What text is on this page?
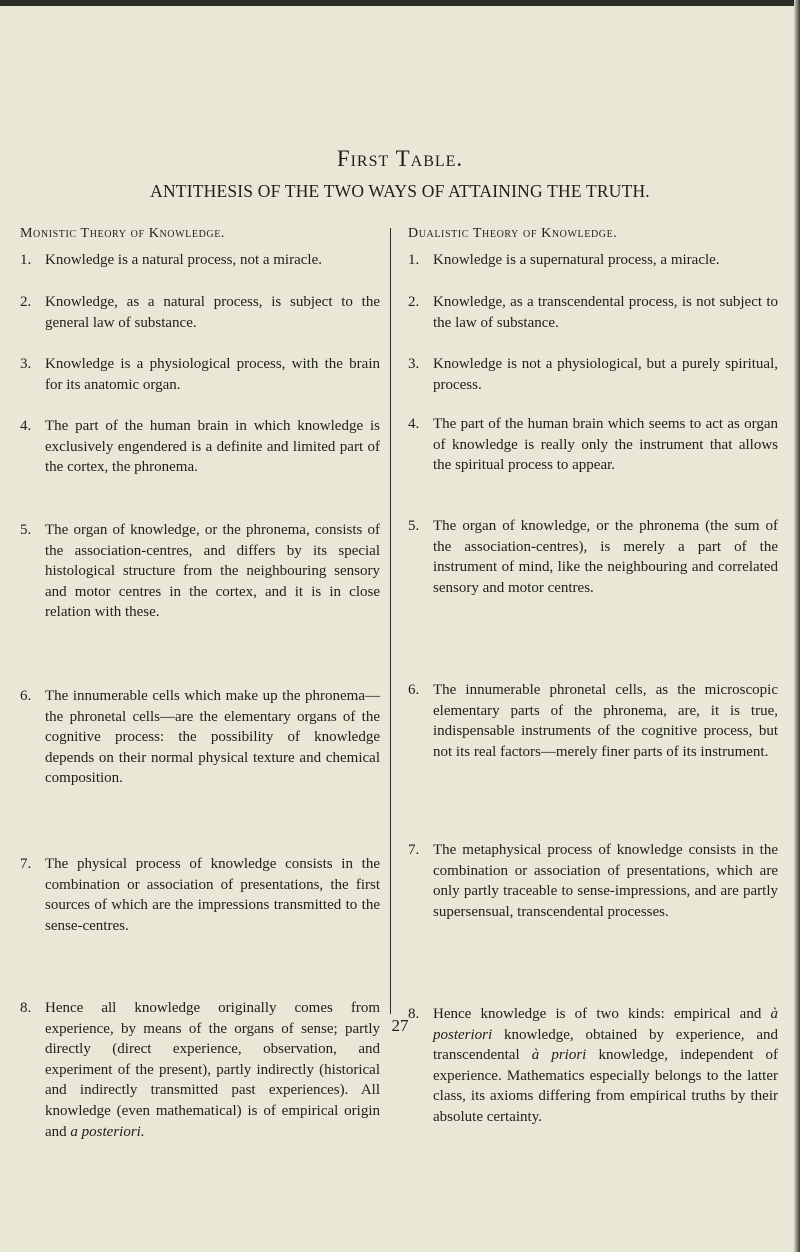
First Table.
ANTITHESIS OF THE TWO WAYS OF ATTAINING THE TRUTH.
Monistic Theory of Knowledge.
1. Knowledge is a natural process, not a miracle.
2. Knowledge, as a natural process, is subject to the general law of substance.
3. Knowledge is a physiological process, with the brain for its anatomic organ.
4. The part of the human brain in which knowledge is exclusively engendered is a definite and limited part of the cortex, the phronema.
5. The organ of knowledge, or the phronema, consists of the association-centres, and differs by its special histological structure from the neighbouring sensory and motor centres in the cortex, and it is in close relation with these.
6. The innumerable cells which make up the phronema—the phronetal cells—are the elementary organs of the cognitive process: the possibility of knowledge depends on their normal physical texture and chemical composition.
7. The physical process of knowledge consists in the combination or association of presentations, the first sources of which are the impressions transmitted to the sense-centres.
8. Hence all knowledge originally comes from experience, by means of the organs of sense; partly directly (direct experience, observation, and experiment of the present), partly indirectly (historical and indirectly transmitted past experiences). All knowledge (even mathematical) is of empirical origin and a posteriori.
Dualistic Theory of Knowledge.
1. Knowledge is a supernatural process, a miracle.
2. Knowledge, as a transcendental process, is not subject to the law of substance.
3. Knowledge is not a physiological, but a purely spiritual, process.
4. The part of the human brain which seems to act as organ of knowledge is really only the instrument that allows the spiritual process to appear.
5. The organ of knowledge, or the phronema (the sum of the association-centres), is merely a part of the instrument of mind, like the neighbouring and correlated sensory and motor centres.
6. The innumerable phronetal cells, as the microscopic elementary parts of the phronema, are, it is true, indispensable instruments of the cognitive process, but not its real factors—merely finer parts of its instrument.
7. The metaphysical process of knowledge consists in the combination or association of presentations, which are only partly traceable to sense-impressions, and are partly supersensual, transcendental processes.
8. Hence knowledge is of two kinds: empirical and à posteriori knowledge, obtained by experience, and transcendental à priori knowledge, independent of experience. Mathematics especially belongs to the latter class, its axioms differing from empirical truths by their absolute certainty.
27
